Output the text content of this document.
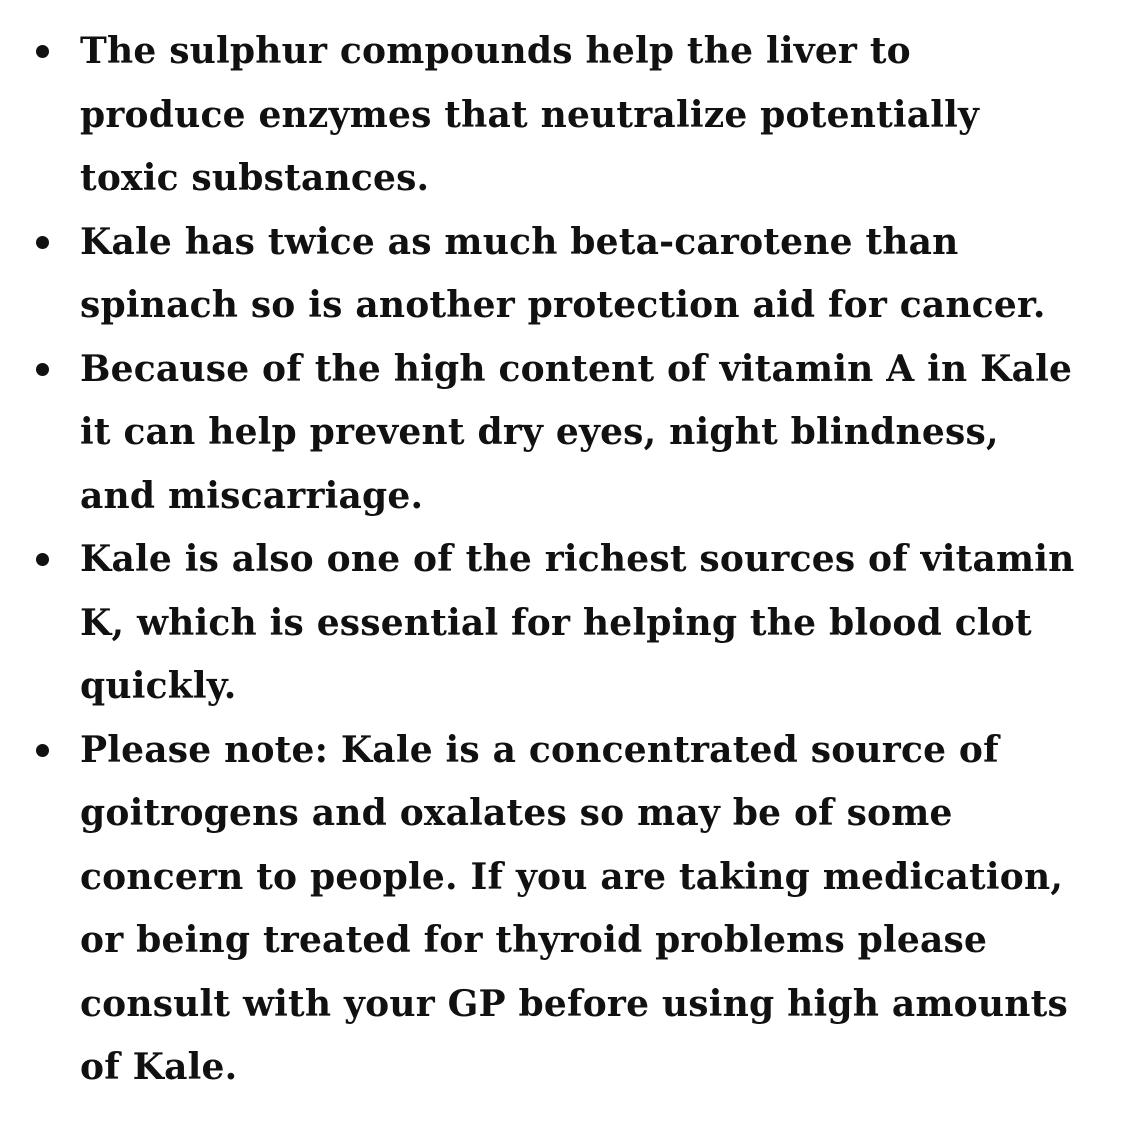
The sulphur compounds help the liver to produce enzymes that neutralize potentially toxic substances.
Kale has twice as much beta-carotene than spinach so is another protection aid for cancer.
Because of the high content of vitamin A in Kale it can help prevent dry eyes, night blindness, and miscarriage.
Kale is also one of the richest sources of vitamin K, which is essential for helping the blood clot quickly.
Please note: Kale is a concentrated source of goitrogens and oxalates so may be of some concern to people. If you are taking medication, or being treated for thyroid problems please consult with your GP before using high amounts of Kale.
